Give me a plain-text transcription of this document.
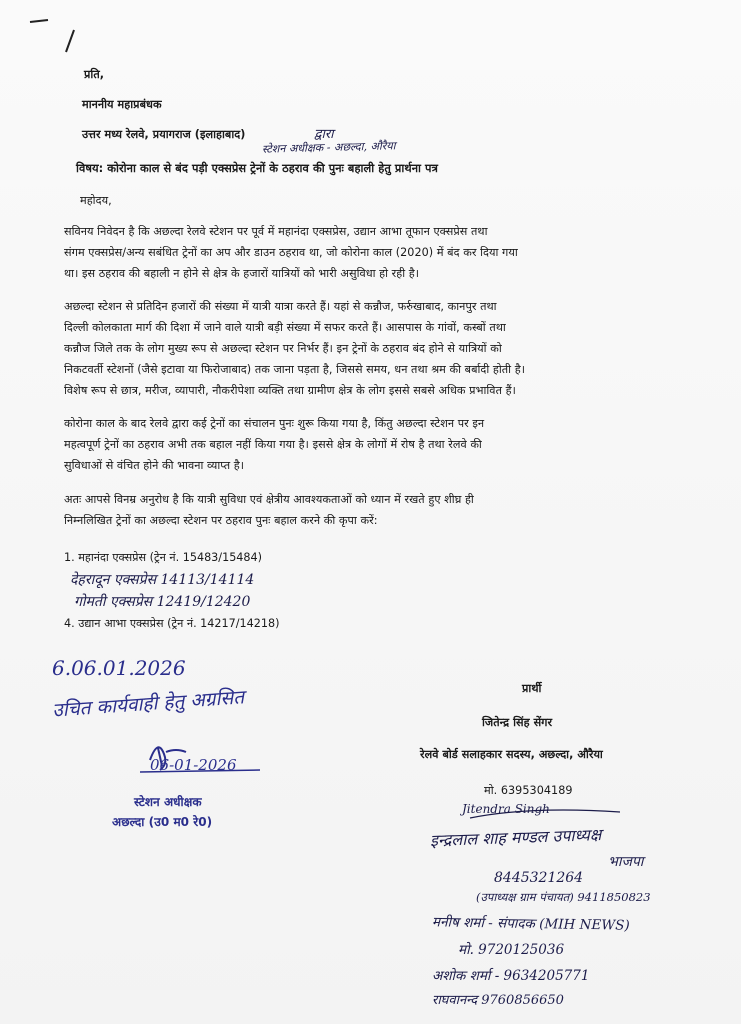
प्रति,
माननीय महाप्रबंधक
उत्तर मध्य रेलवे, प्रयागराज (इलाहाबाद)	द्वारा
स्टेशन अधीक्षक - अछल्दा, औरैया
विषय: कोरोना काल से बंद पड़ी एक्सप्रेस ट्रेनों के ठहराव की पुनः बहाली हेतु प्रार्थना पत्र
महोदय,
सविनय निवेदन है कि अछल्दा रेलवे स्टेशन पर पूर्व में महानंदा एक्सप्रेस, उद्यान आभा तूफान एक्सप्रेस तथा
संगम एक्सप्रेस/अन्य सबंधित ट्रेनों का अप और डाउन ठहराव था, जो कोरोना काल (2020) में बंद कर दिया गया
था। इस ठहराव की बहाली न होने से क्षेत्र के हजारों यात्रियों को भारी असुविधा हो रही है।
अछल्दा स्टेशन से प्रतिदिन हजारों की संख्या में यात्री यात्रा करते हैं। यहां से कन्नौज, फर्रुखाबाद, कानपुर तथा
दिल्ली कोलकाता मार्ग की दिशा में जाने वाले यात्री बड़ी संख्या में सफर करते हैं। आसपास के गांवों, कस्बों तथा
कन्नौज जिले तक के लोग मुख्य रूप से अछल्दा स्टेशन पर निर्भर हैं। इन ट्रेनों के ठहराव बंद होने से यात्रियों को
निकटवर्ती स्टेशनों (जैसे इटावा या फिरोजाबाद) तक जाना पड़ता है, जिससे समय, धन तथा श्रम की बर्बादी होती है।
विशेष रूप से छात्र, मरीज, व्यापारी, नौकरीपेशा व्यक्ति तथा ग्रामीण क्षेत्र के लोग इससे सबसे अधिक प्रभावित हैं।
कोरोना काल के बाद रेलवे द्वारा कई ट्रेनों का संचालन पुनः शुरू किया गया है, किंतु अछल्दा स्टेशन पर इन
महत्वपूर्ण ट्रेनों का ठहराव अभी तक बहाल नहीं किया गया है। इससे क्षेत्र के लोगों में रोष है तथा रेलवे की
सुविधाओं से वंचित होने की भावना व्याप्त है।
अतः आपसे विनम्र अनुरोध है कि यात्री सुविधा एवं क्षेत्रीय आवश्यकताओं को ध्यान में रखते हुए शीघ्र ही
निम्नलिखित ट्रेनों का अछल्दा स्टेशन पर ठहराव पुनः बहाल करने की कृपा करें:
1. महानंदा एक्सप्रेस (ट्रेन नं. 15483/15484)
देहरादून एक्सप्रेस 14113/14114
गोमती एक्सप्रेस 12419/12420
4. उद्यान आभा एक्सप्रेस (ट्रेन नं. 14217/14218)
6.06.01.2026
उचित कार्यवाही हेतु अग्रसित
06-01-2026
स्टेशन अधीक्षक
अछल्दा (उ0 म0 रे0)
प्रार्थी
जितेन्द्र सिंह सेंगर
रेलवे बोर्ड सलाहकार सदस्य, अछल्दा, औरैया
मो. 6395304189
Jitendra Singh
इन्द्रलाल शाह मण्डल उपाध्यक्ष
भाजपा
8445321264
(उपाध्यक्ष ग्राम पंचायत) 9411850823
मनीष शर्मा - संपादक (MIH NEWS)
मो. 9720125036
अशोक शर्मा - 9634205771
राघवानन्द 9760856650
